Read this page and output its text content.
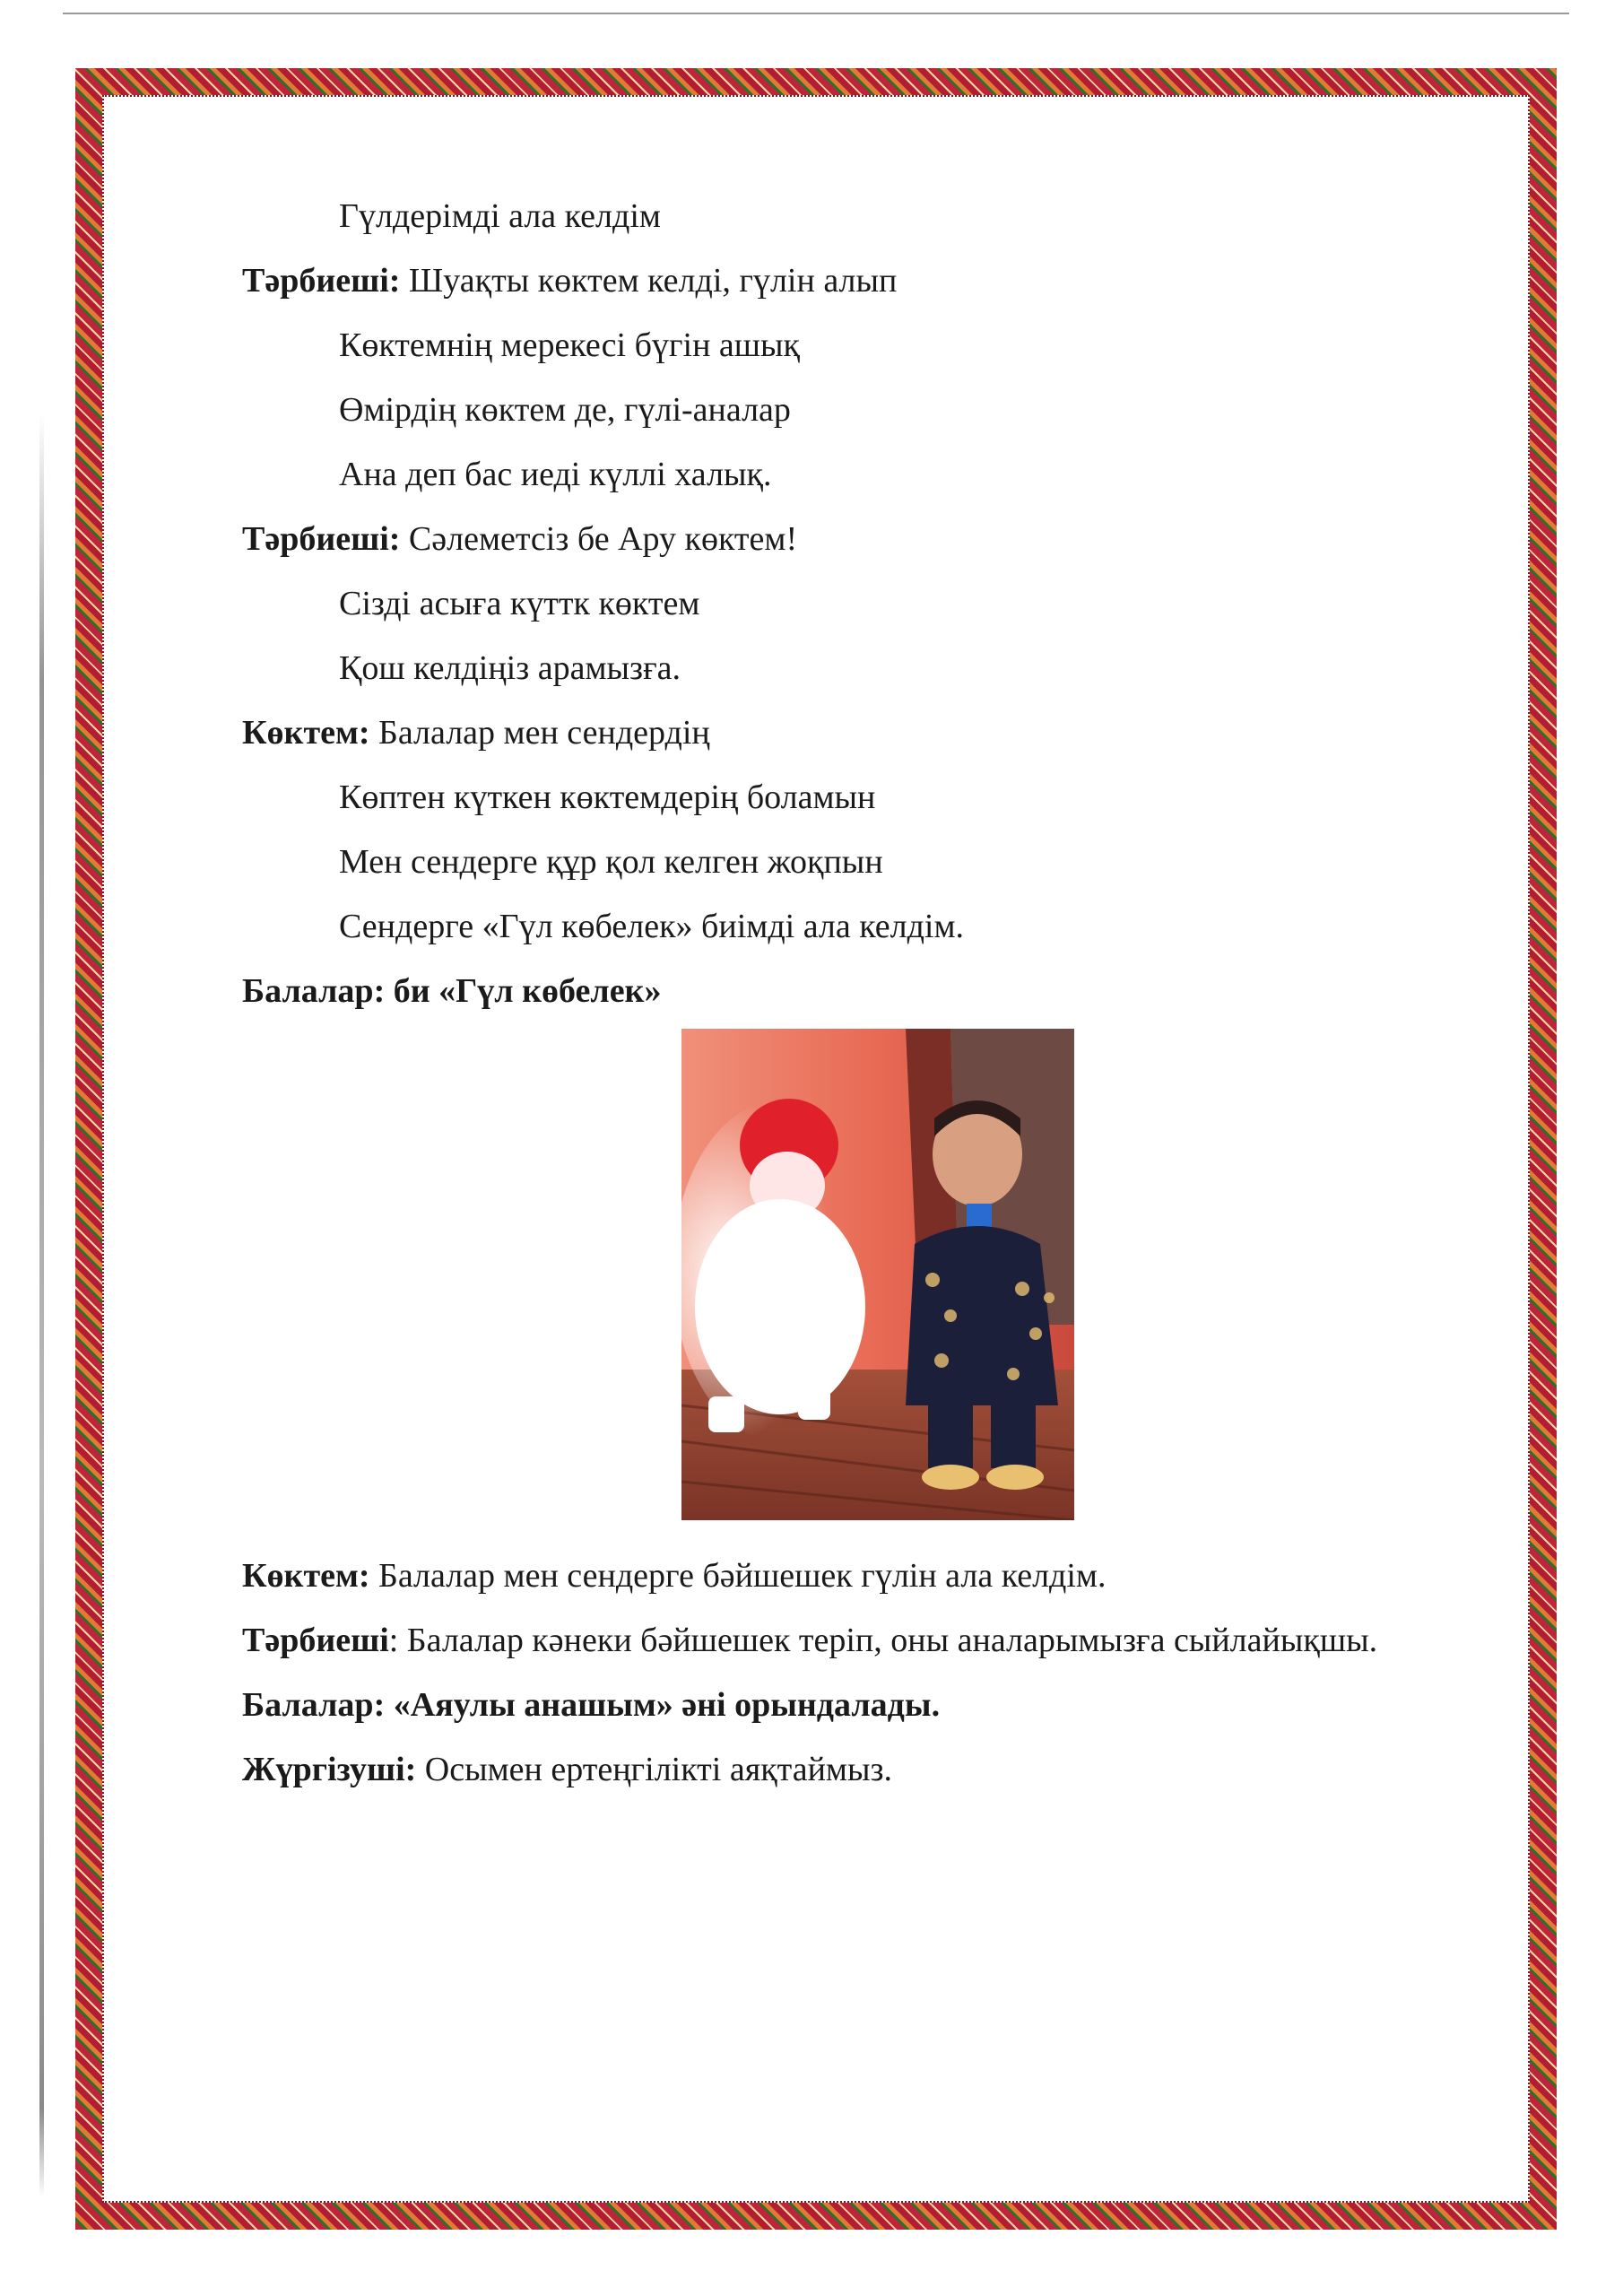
Гүлдерімді ала келдім
Тәрбиеші: Шуақты көктем келді, гүлін алып
Көктемнің мерекесі бүгін ашық
Өмірдің көктем де, гүлі-аналар
Ана деп бас иеді күллі халық.
Тәрбиеші: Сәлеметсіз бе Ару көктем!
Сізді асыға күттк көктем
Қош келдіңіз арамызға.
Көктем: Балалар мен сендердің
Көптен күткен көктемдерің боламын
Мен сендерге құр қол келген жоқпын
Сендерге «Гүл көбелек» биімді ала келдім.
Балалар: би «Гүл көбелек»
Көктем: Балалар мен сендерге бәйшешек гүлін ала келдім.
Тәрбиеші: Балалар кәнеки бәйшешек теріп, оны аналарымызға сыйлайықшы.
Балалар: «Аяулы анашым» әні орындалады.
Жүргізуші: Осымен ертеңгілікті аяқтаймыз.
